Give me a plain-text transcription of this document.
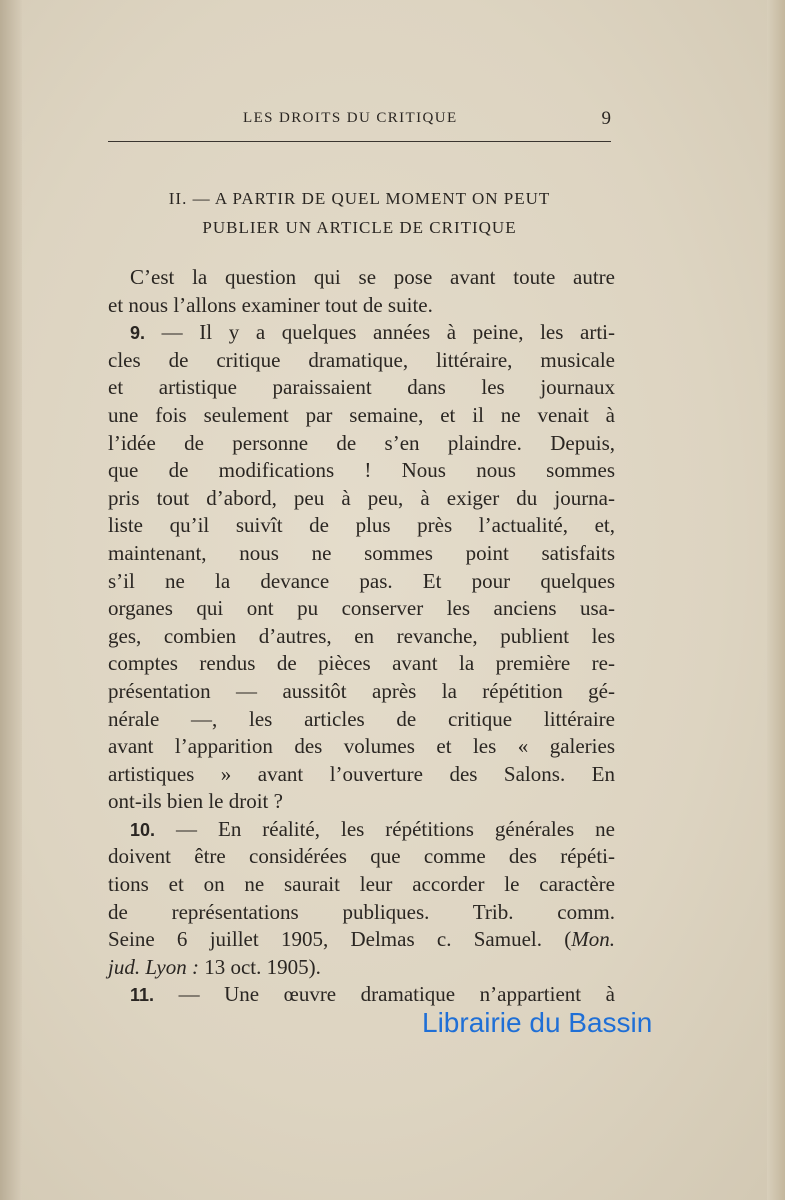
LES DROITS DU CRITIQUE	9
II. — A PARTIR DE QUEL MOMENT ON PEUT
PUBLIER UN ARTICLE DE CRITIQUE
C’est la question qui se pose avant toute autre
et nous l’allons examiner tout de suite.
9. — Il y a quelques années à peine, les arti-
cles de critique dramatique, littéraire, musicale
et artistique paraissaient dans les journaux
une fois seulement par semaine, et il ne venait à
l’idée de personne de s’en plaindre. Depuis,
que de modifications ! Nous nous sommes
pris tout d’abord, peu à peu, à exiger du journa-
liste qu’il suivît de plus près l’actualité, et,
maintenant, nous ne sommes point satisfaits
s’il ne la devance pas. Et pour quelques
organes qui ont pu conserver les anciens usa-
ges, combien d’autres, en revanche, publient les
comptes rendus de pièces avant la première re-
présentation — aussitôt après la répétition gé-
nérale —, les articles de critique littéraire
avant l’apparition des volumes et les « galeries
artistiques » avant l’ouverture des Salons. En
ont-ils bien le droit ?
10. — En réalité, les répétitions générales ne
doivent être considérées que comme des répéti-
tions et on ne saurait leur accorder le caractère
de représentations publiques. Trib. comm.
Seine 6 juillet 1905, Delmas c. Samuel. (Mon.
jud. Lyon : 13 oct. 1905).
11. — Une œuvre dramatique n’appartient à
Librairie du Bassin
